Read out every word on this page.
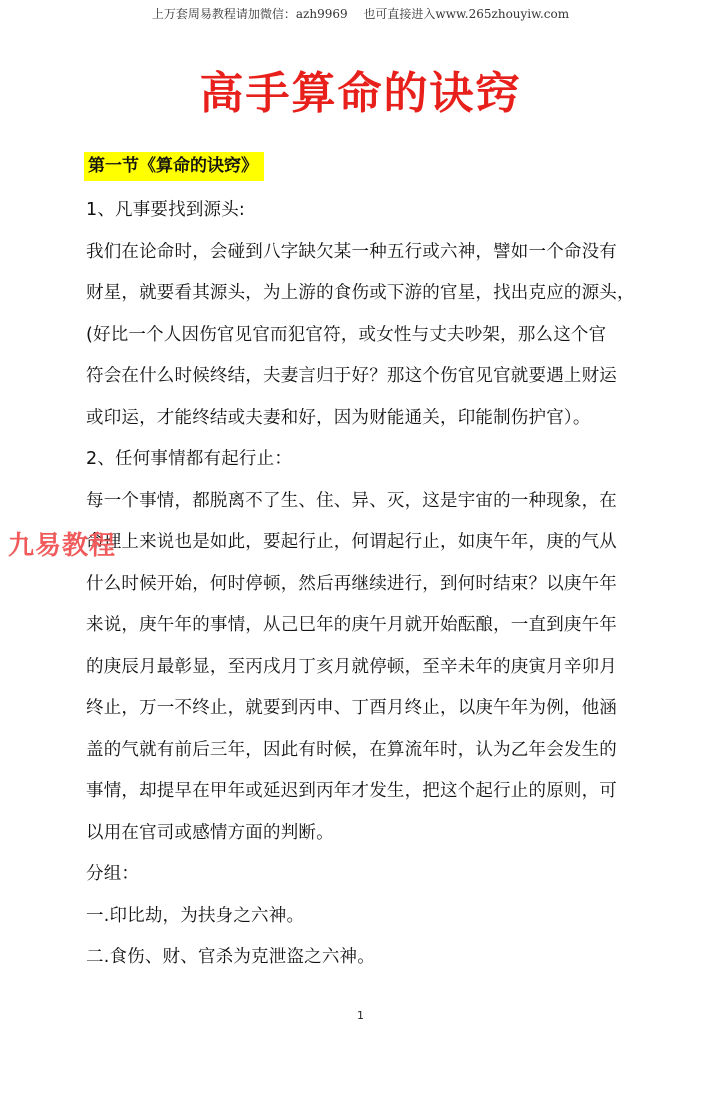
上万套周易教程请加微信：azh9969　 也可直接进入www.265zhouyiw.com
高手算命的诀窍
第一节《算命的诀窍》
1、凡事要找到源头:
我们在论命时，会碰到八字缺欠某一种五行或六神，譬如一个命没有
财星，就要看其源头，为上游的食伤或下游的官星，找出克应的源头，
(好比一个人因伤官见官而犯官符，或女性与丈夫吵架，那么这个官
符会在什么时候终结，夫妻言归于好？那这个伤官见官就要遇上财运
或印运，才能终结或夫妻和好，因为财能通关，印能制伤护官）。
2、任何事情都有起行止：
每一个事情，都脱离不了生、住、异、灭，这是宇宙的一种现象，在
命理上来说也是如此，要起行止，何谓起行止，如庚午年，庚的气从
什么时候开始，何时停顿，然后再继续进行，到何时结束？以庚午年
来说，庚午年的事情，从己巳年的庚午月就开始酝酿，一直到庚午年
的庚辰月最彰显，至丙戌月丁亥月就停顿，至辛未年的庚寅月辛卯月
终止，万一不终止，就要到丙申、丁酉月终止，以庚午年为例，他涵
盖的气就有前后三年，因此有时候，在算流年时，认为乙年会发生的
事情，却提早在甲年或延迟到丙年才发生，把这个起行止的原则，可
以用在官司或感情方面的判断。
分组：
一.印比劫，为扶身之六神。
二.食伤、财、官杀为克泄盗之六神。
九易教程
1
